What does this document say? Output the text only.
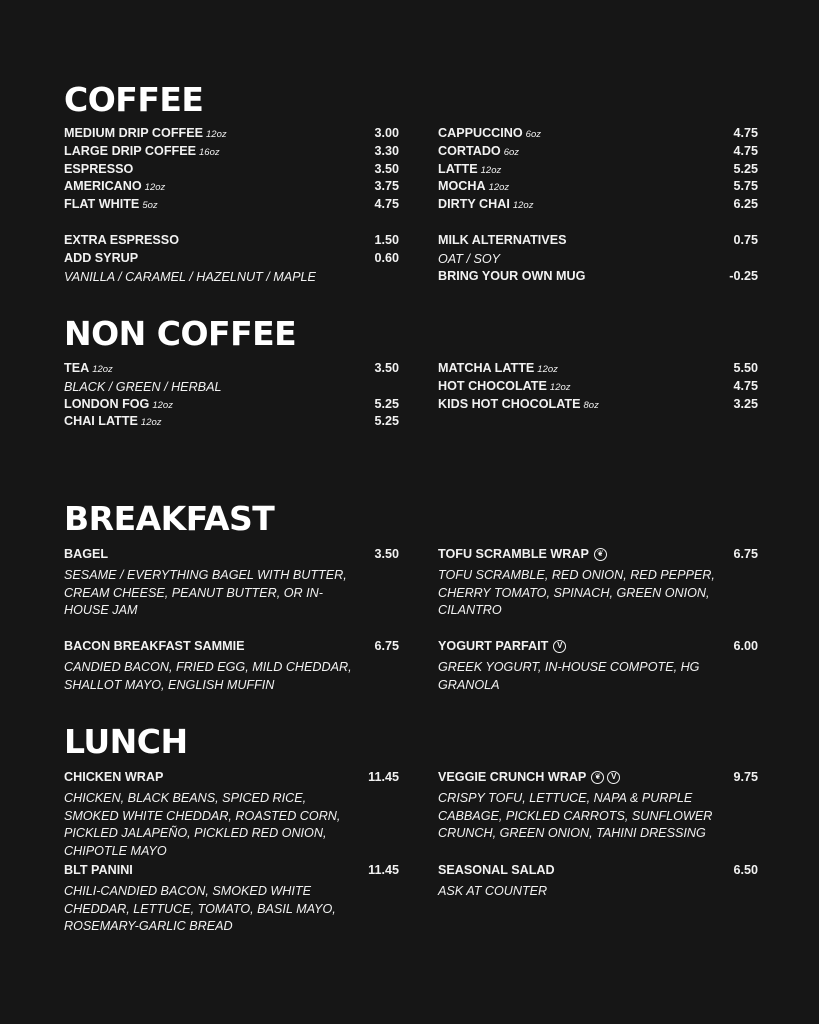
COFFEE
MEDIUM DRIP COFFEE 12oz	3.00
LARGE DRIP COFFEE 16oz	3.30
ESPRESSO	3.50
AMERICANO 12oz	3.75
FLAT WHITE 5oz	4.75
EXTRA ESPRESSO	1.50
ADD SYRUP	0.60
VANILLA / CARAMEL / HAZELNUT / MAPLE
CAPPUCCINO 6oz	4.75
CORTADO 6oz	4.75
LATTE 12oz	5.25
MOCHA 12oz	5.75
DIRTY CHAI 12oz	6.25
MILK ALTERNATIVES	0.75
OAT / SOY
BRING YOUR OWN MUG	-0.25
NON COFFEE
TEA 12oz	3.50
BLACK / GREEN / HERBAL
LONDON FOG 12oz	5.25
CHAI LATTE 12oz	5.25
MATCHA LATTE 12oz	5.50
HOT CHOCOLATE 12oz	4.75
KIDS HOT CHOCOLATE 8oz	3.25
BREAKFAST
BAGEL	3.50
SESAME / EVERYTHING BAGEL WITH BUTTER, CREAM CHEESE, PEANUT BUTTER, OR IN-HOUSE JAM
TOFU SCRAMBLE WRAP	❦	6.75
TOFU SCRAMBLE, RED ONION, RED PEPPER, CHERRY TOMATO, SPINACH, GREEN ONION, CILANTRO
BACON BREAKFAST SAMMIE	6.75
CANDIED BACON, FRIED EGG, MILD CHEDDAR, SHALLOT MAYO, ENGLISH MUFFIN
YOGURT PARFAIT	V	6.00
GREEK YOGURT, IN-HOUSE COMPOTE, HG GRANOLA
LUNCH
CHICKEN WRAP	11.45
CHICKEN, BLACK BEANS, SPICED RICE, SMOKED WHITE CHEDDAR, ROASTED CORN, PICKLED JALAPEÑO, PICKLED RED ONION, CHIPOTLE MAYO
VEGGIE CRUNCH WRAP	❦	V	9.75
CRISPY TOFU, LETTUCE, NAPA & PURPLE CABBAGE, PICKLED CARROTS, SUNFLOWER CRUNCH, GREEN ONION, TAHINI DRESSING
BLT PANINI	11.45
CHILI-CANDIED BACON, SMOKED WHITE CHEDDAR, LETTUCE, TOMATO, BASIL MAYO, ROSEMARY-GARLIC BREAD
SEASONAL SALAD	6.50
ASK AT COUNTER
